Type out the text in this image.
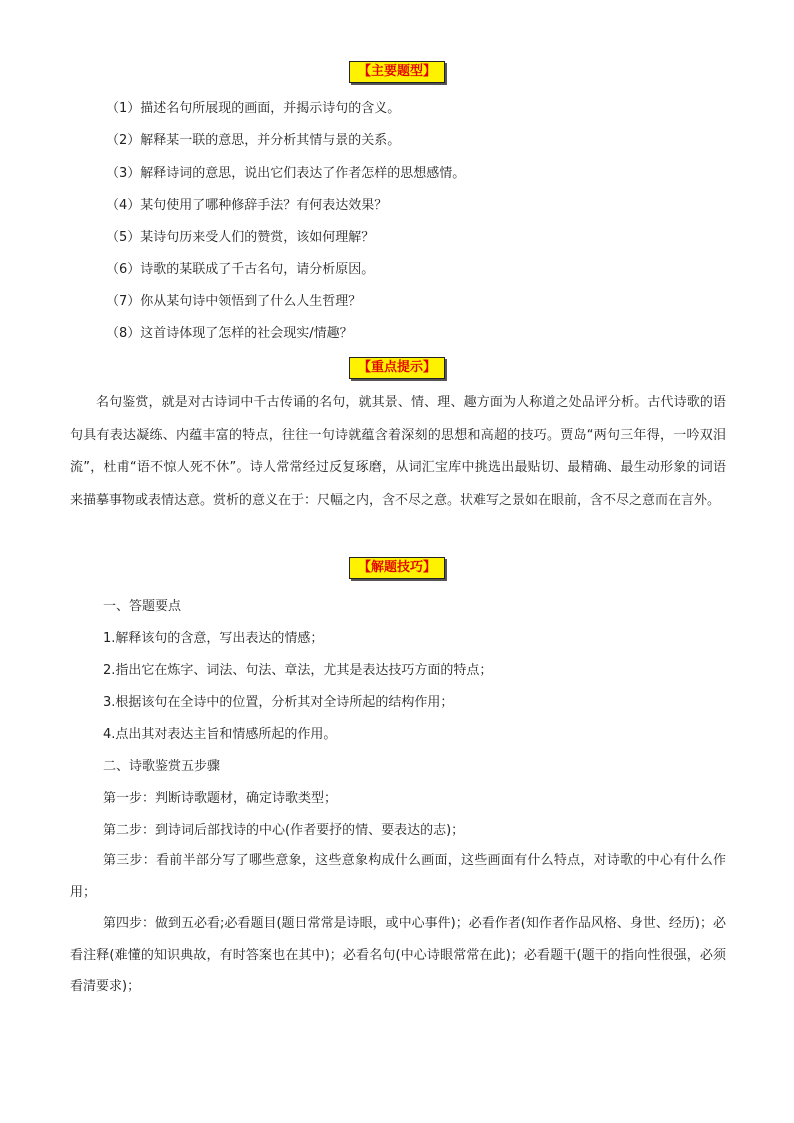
【主要题型】
（1）描述名句所展现的画面，并揭示诗句的含义。
（2）解释某一联的意思，并分析其情与景的关系。
（3）解释诗词的意思，说出它们表达了作者怎样的思想感情。
（4）某句使用了哪种修辞手法？有何表达效果？
（5）某诗句历来受人们的赞赏，该如何理解？
（6）诗歌的某联成了千古名句，请分析原因。
（7）你从某句诗中领悟到了什么人生哲理？
（8）这首诗体现了怎样的社会现实/情趣？
【重点提示】
名句鉴赏，就是对古诗词中千古传诵的名句，就其景、情、理、趣方面为人称道之处品评分析。古代诗歌的语句具有表达凝练、内蕴丰富的特点，往往一句诗就蕴含着深刻的思想和高超的技巧。贾岛“两句三年得，一吟双泪流”，杜甫“语不惊人死不休”。诗人常常经过反复琢磨，从词汇宝库中挑选出最贴切、最精确、最生动形象的词语来描摹事物或表情达意。赏析的意义在于：尺幅之内，含不尽之意。状难写之景如在眼前，含不尽之意而在言外。
【解题技巧】
一、答题要点
1.解释该句的含意，写出表达的情感；
2.指出它在炼字、词法、句法、章法，尤其是表达技巧方面的特点；
3.根据该句在全诗中的位置，分析其对全诗所起的结构作用；
4.点出其对表达主旨和情感所起的作用。
二、诗歌鉴赏五步骤
第一步：判断诗歌题材，确定诗歌类型；
第二步：到诗词后部找诗的中心(作者要抒的情、要表达的志)；
第三步：看前半部分写了哪些意象，这些意象构成什么画面，这些画面有什么特点，对诗歌的中心有什么作用；
第四步：做到五必看;必看题目(题日常常是诗眼，或中心事件)；必看作者(知作者作品风格、身世、经历)；必看注释(难懂的知识典故，有时答案也在其中)；必看名句(中心诗眼常常在此)；必看题干(题干的指向性很强，必须看清要求)；
